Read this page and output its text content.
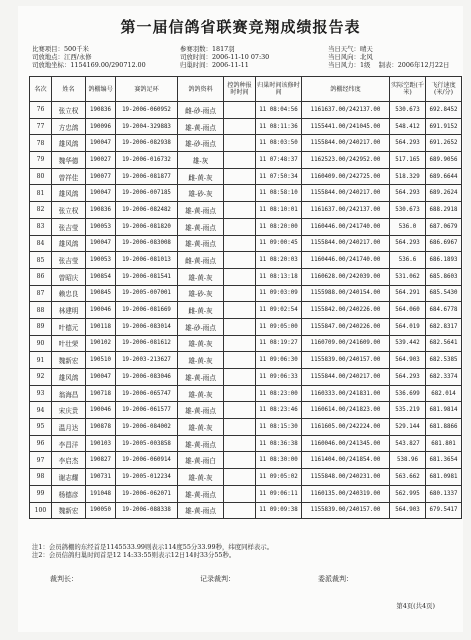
第一届信鸽省联赛竞翔成绩报告表
比赛项目：500千米	参赛羽数：1817羽	当日天气：晴天
司放地点：江西/永修	司放时间：2006-11-10 07:30	当日风向：北风
司放地坐标：1154169.00/290712.00	归巢时间：2006-11-11	当日风力：1级 制表：2006年12月22日
名次	姓名	鸽棚编号	赛鸽足环	鸽鸽资料	控鸽种报时时间	归巢时间该修时间	鸽棚经纬度	实际空距(千米)	飞行速度(米/分)
76	张立权	190836	19-2006-060952	雌-砂-雨点		11 08:04:56	1161637.00/242137.00	530.673	692.8452
77	方忠鸽	190096	19-2004-329883	雄-黄-雨点		11 08:11:36	1155441.00/241045.00	548.412	691.9152
78	雄风鸽	190047	19-2006-082938	雄-砂-雨点		11 08:03:50	1155844.00/240217.00	564.293	691.2652
79	魏华德	190027	19-2006-016732	雄-灰		11 07:48:37	1162523.00/242952.00	517.165	689.9056
80	曾祥佳	190077	19-2006-081877	雌-黄-灰		11 07:50:34	1160409.00/242725.00	518.329	689.6644
81	雄风鸽	190047	19-2006-007185	雄-砂-灰		11 08:58:10	1155844.00/240217.00	564.293	689.2624
82	张立权	190836	19-2006-082482	雄-黄-雨点		11 08:10:01	1161637.00/242137.00	530.673	688.2918
83	张吉莹	190053	19-2006-081820	雄-黄-雨点		11 08:20:00	1160446.00/241740.00	536.0	687.0679
84	雄风鸽	190047	19-2006-083008	雄-黄-雨点		11 09:00:45	1155844.00/240217.00	564.293	686.6967
85	张吉莹	190053	19-2006-081013	雌-黄-雨点		11 08:20:03	1160446.00/241740.00	536.6	686.1893
86	曾昭庆	190854	19-2006-081541	雄-黄-灰		11 08:13:18	1160628.00/242039.00	531.062	685.8603
87	赖忠良	190845	19-2005-007001	雄-砂-灰		11 09:03:09	1155988.00/240154.00	564.291	685.5430
88	林建明	190046	19-2006-081669	雌-黄-灰		11 09:02:54	1155842.00/240226.00	564.060	684.6778
89	叶德元	190118	19-2006-083014	雄-砂-雨点		11 09:05:00	1155847.00/240226.00	564.019	682.8317
90	叶壮荣	190102	19-2006-081612	雄-黄-灰		11 08:19:27	1160709.00/241609.00	539.442	682.5641
91	魏新宏	190510	19-2003-213627	雄-黄-灰		11 09:06:30	1155839.00/240157.00	564.903	682.5385
92	雄风鸽	190047	19-2006-083046	雄-黄-雨点		11 09:06:33	1155844.00/240217.00	564.293	682.3374
93	翁海昌	190718	19-2006-065747	雄-黄-灰		11 08:23:00	1160333.00/241831.00	536.699	682.014
94	宋庆贵	190046	19-2006-061577	雄-黄-雨点		11 08:23:46	1160614.00/241823.00	535.219	681.9814
95	温月达	190878	19-2006-084002	雄-黄-灰		11 08:15:30	1161605.00/242224.00	529.144	681.8866
96	李昌洋	190103	19-2005-003858	雄-黄-雨点		11 08:36:38	1160046.00/241345.00	543.827	681.801
97	李启杰	190827	19-2006-060914	雄-黄-雨白		11 08:30:00	1161404.00/241854.00	538.96	681.3654
98	谢志耀	190731	19-2005-012234	雄-黄-灰		11 09:05:02	1155848.00/240231.00	563.662	681.0981
99	杨德彦	191048	19-2006-062071	雄-黄-雨点		11 09:06:11	1160135.00/240319.00	562.995	680.1337
100	魏新宏	190050	19-2006-088338	雄-黄-雨点		11 09:09:38	1155839.00/240157.00	564.903	679.5417
注1：会员鸽棚的东经首是1145533.99则表示114度55分33.99秒，纬度同样表示。
注2：会员信鸽归巢时间首是12 14:33:55则表示12日14时33分55秒。
裁判长：	记录裁判：	委派裁判：
第4页(共4页)
